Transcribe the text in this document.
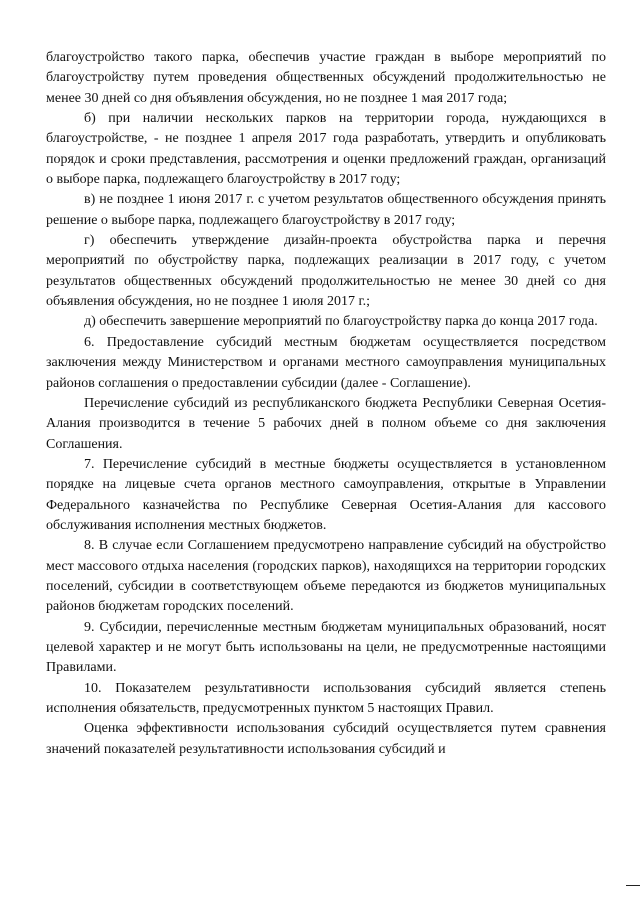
благоустройство такого парка, обеспечив участие граждан в выборе мероприятий по благоустройству путем проведения общественных обсуждений продолжительностью не менее 30 дней со дня объявления обсуждения, но не позднее 1 мая 2017 года;

б) при наличии нескольких парков на территории города, нуждающихся в благоустройстве, - не позднее 1 апреля 2017 года разработать, утвердить и опубликовать порядок и сроки представления, рассмотрения и оценки предложений граждан, организаций о выборе парка, подлежащего благоустройству в 2017 году;

в) не позднее 1 июня 2017 г. с учетом результатов общественного обсуждения принять решение о выборе парка, подлежащего благоустройству в 2017 году;

г) обеспечить утверждение дизайн-проекта обустройства парка и перечня мероприятий по обустройству парка, подлежащих реализации в 2017 году, с учетом результатов общественных обсуждений продолжительностью не менее 30 дней со дня объявления обсуждения, но не позднее 1 июля 2017 г.;

д) обеспечить завершение мероприятий по благоустройству парка до конца 2017 года.

6. Предоставление субсидий местным бюджетам осуществляется посредством заключения между Министерством и органами местного самоуправления муниципальных районов соглашения о предоставлении субсидии (далее - Соглашение).

Перечисление субсидий из республиканского бюджета Республики Северная Осетия-Алания производится в течение 5 рабочих дней в полном объеме со дня заключения Соглашения.

7. Перечисление субсидий в местные бюджеты осуществляется в установленном порядке на лицевые счета органов местного самоуправления, открытые в Управлении Федерального казначейства по Республике Северная Осетия-Алания для кассового обслуживания исполнения местных бюджетов.

8. В случае если Соглашением предусмотрено направление субсидий на обустройство мест массового отдыха населения (городских парков), находящихся на территории городских поселений, субсидии в соответствующем объеме передаются из бюджетов муниципальных районов бюджетам городских поселений.

9. Субсидии, перечисленные местным бюджетам муниципальных образований, носят целевой характер и не могут быть использованы на цели, не предусмотренные настоящими Правилами.

10. Показателем результативности использования субсидий является степень исполнения обязательств, предусмотренных пунктом 5 настоящих Правил.

Оценка эффективности использования субсидий осуществляется путем сравнения значений показателей результативности использования субсидий и
